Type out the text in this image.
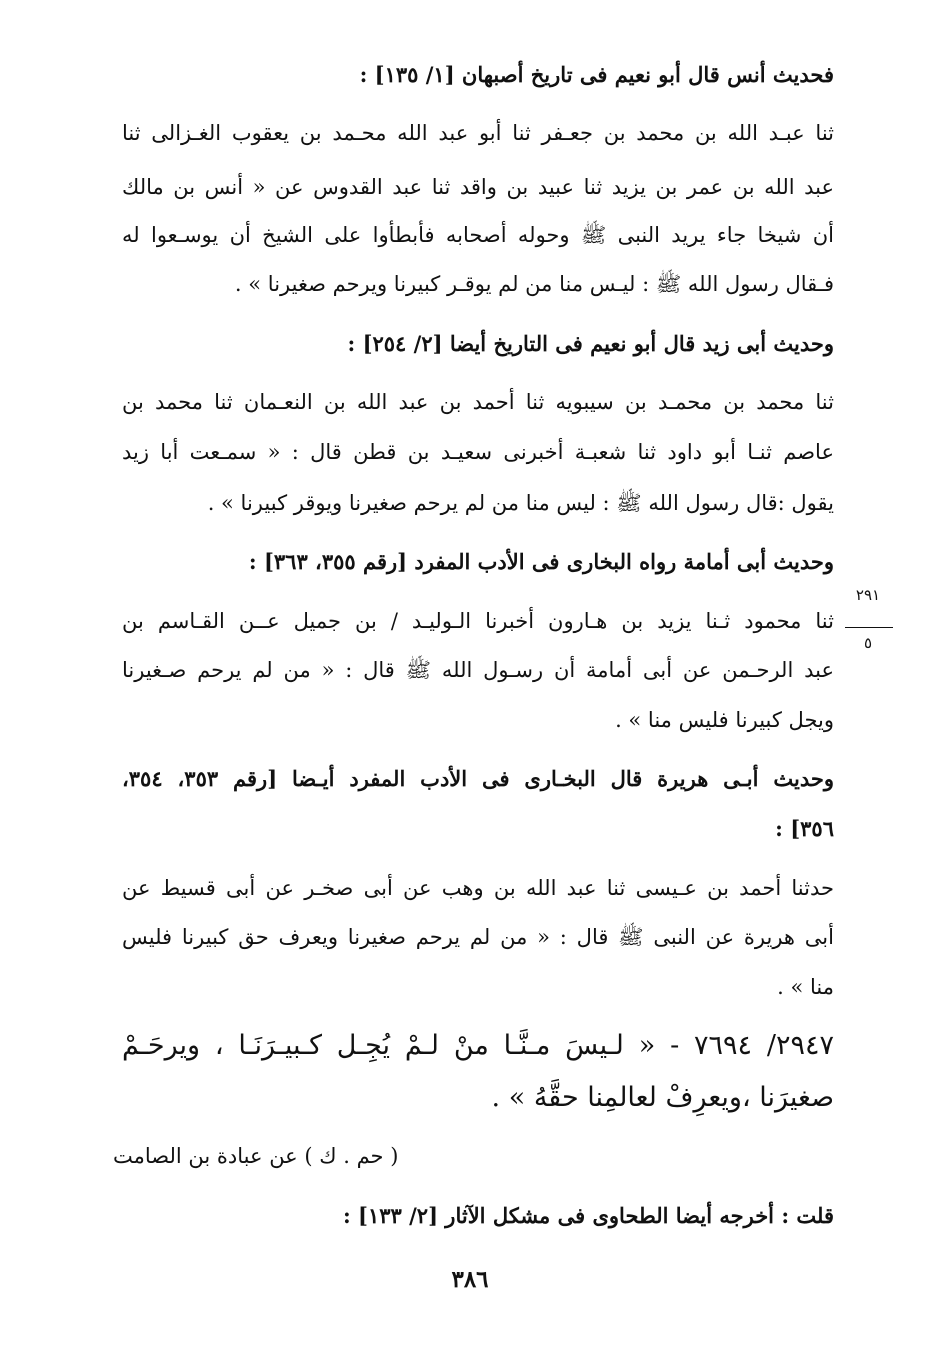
فحديث أنس قال أبو نعيم فى تاريخ أصبهان [١/ ١٣٥] :
ثنا عبـد الله بن محمد بن جعـفر ثنا أبو عبد الله محـمد بن يعقوب الغـزالى ثنا
عبد الله بن عمر بن يزيد ثنا عبيد بن واقد ثنا عبد القدوس عن « أنس بن مالك
أن شيخا جاء يريد النبى ﷺ وحوله أصحابه فأبطأوا على الشيخ أن يوسـعوا له
فـقال رسول الله ﷺ : ليـس منا من لم يوقـر كبيرنا ويرحم صغيرنا » .
وحديث أبى زيد قال أبو نعيم فى التاريخ أيضا [٢/ ٢٥٤] :
ثنا محمد بن محمـد بن سيبويه ثنا أحمد بن عبد الله بن النعـمان ثنا محمد بن
عاصم ثنـا أبو داود ثنا شعبـة أخبرنى سعيـد بن قطن قال : « سمـعت أبا زيد
يقول :قال رسول الله ﷺ : ليس منا من لم يرحم صغيرنا ويوقر كبيرنا » .
وحديث أبى أمامة رواه البخارى فى الأدب المفرد [رقم ٣٥٥، ٣٦٣] :
ثنا محمود ثـنا يزيد بن هـارون أخبرنا الـوليـد / بن جميل عــن القـاسم بن
عبد الرحـمن عن أبى أمامة أن رسـول الله ﷺ قال : « من لم يرحم صـغيرنا
ويجل كبيرنا فليس منا » .
وحديث أبـى هريرة قال البخـارى فى الأدب المفرد أيـضا [رقم ٣٥٣، ٣٥٤،
٣٥٦] :
حدثنا أحمد بن عـيسى ثنا عبد الله بن وهب عن أبى صخـر عن أبى قسيط عن
أبى هريرة عن النبى ﷺ قال : « من لم يرحم صغيرنا ويعرف حق كبيرنا فليس
منا » .
٢٩٤٧/ ٧٦٩٤ - « لـيسَ مـنَّـا منْ لـمْ يُجِـل كـبيـرَنَـا ، ويرحَـمْ
صغيرَنا ،ويعرِفْ لعالمِنا حقَّهُ » .
( حم . ك ) عن عبادة بن الصامت
قلت : أخرجه أيضا الطحاوى فى مشكل الآثار [٢/ ١٣٣] :
٢٩١
٥
٣٨٦
